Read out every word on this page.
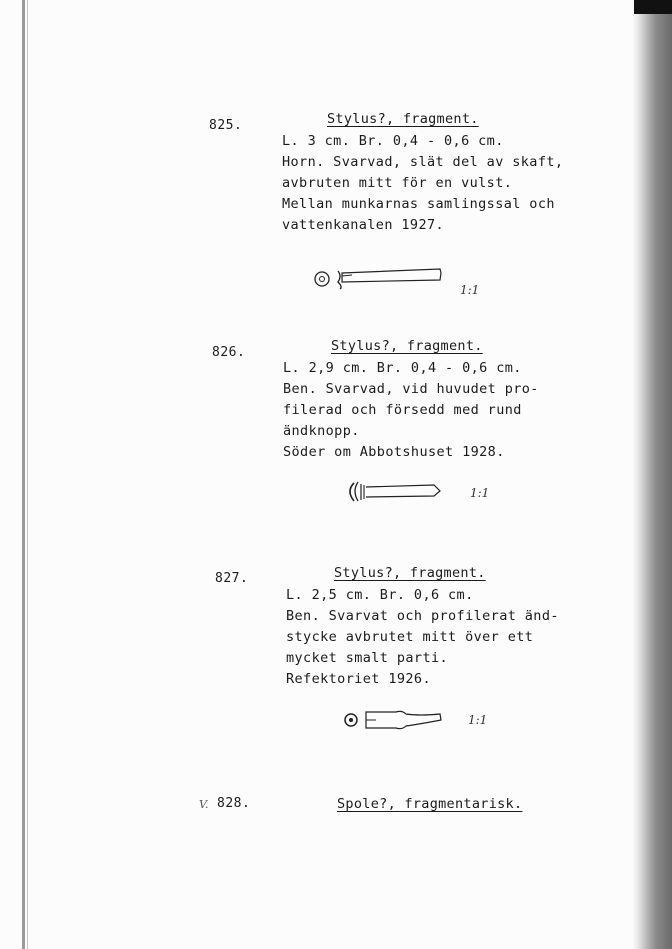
825.	Stylus?, fragment.
L. 3 cm. Br. 0,4 - 0,6 cm.
Horn. Svarvad, slät del av skaft,
avbruten mitt för en vulst.
Mellan munkarnas samlingssal och
vattenkanalen 1927.
1:1
826.	Stylus?, fragment.
L. 2,9 cm. Br. 0,4 - 0,6 cm.
Ben. Svarvad, vid huvudet pro-
filerad och försedd med rund
ändknopp.
Söder om Abbotshuset 1928.
1:1
827.	Stylus?, fragment.
L. 2,5 cm. Br. 0,6 cm.
Ben. Svarvat och profilerat änd-
stycke avbrutet mitt över ett
mycket smalt parti.
Refektoriet 1926.
1:1
V. 828.	Spole?, fragmentarisk.
